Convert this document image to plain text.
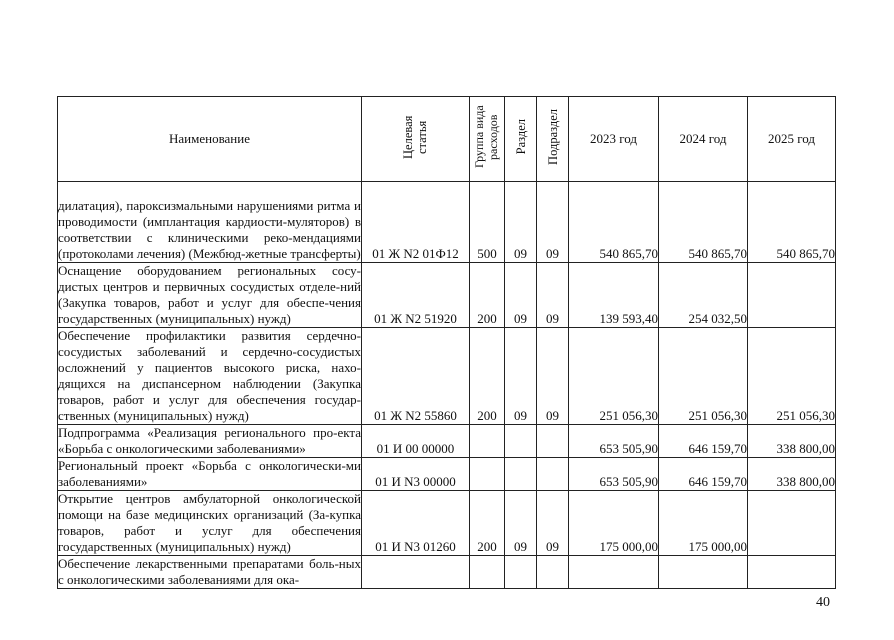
Наименование	Целевая статья	Группа вида расходов	Раздел	Подраздел	2023 год	2024 год	2025 год
дилатация), пароксизмальными нарушениями ритма и проводимости (имплантация кардиости-муляторов) в соответствии с клиническими реко-мендациями (протоколами лечения) (Межбюд-жетные трансферты)	01 Ж N2 01Ф12	500	09	09	540 865,70	540 865,70	540 865,70
Оснащение оборудованием региональных сосу-дистых центров и первичных сосудистых отделе-ний (Закупка товаров, работ и услуг для обеспе-чения государственных (муниципальных) нужд)	01 Ж N2 51920	200	09	09	139 593,40	254 032,50	
Обеспечение профилактики развития сердечно-сосудистых заболеваний и сердечно-сосудистых осложнений у пациентов высокого риска, нахо-дящихся на диспансерном наблюдении (Закупка товаров, работ и услуг для обеспечения государ-ственных (муниципальных) нужд)	01 Ж N2 55860	200	09	09	251 056,30	251 056,30	251 056,30
Подпрограмма «Реализация регионального про-екта «Борьба с онкологическими заболеваниями»	01 И 00 00000				653 505,90	646 159,70	338 800,00
Региональный проект «Борьба с онкологически-ми заболеваниями»	01 И N3 00000				653 505,90	646 159,70	338 800,00
Открытие центров амбулаторной онкологической помощи на базе медицинских организаций (За-купка товаров, работ и услуг для обеспечения государственных (муниципальных) нужд)	01 И N3 01260	200	09	09	175 000,00	175 000,00	
Обеспечение лекарственными препаратами боль-ных с онкологическими заболеваниями для ока-							
40
